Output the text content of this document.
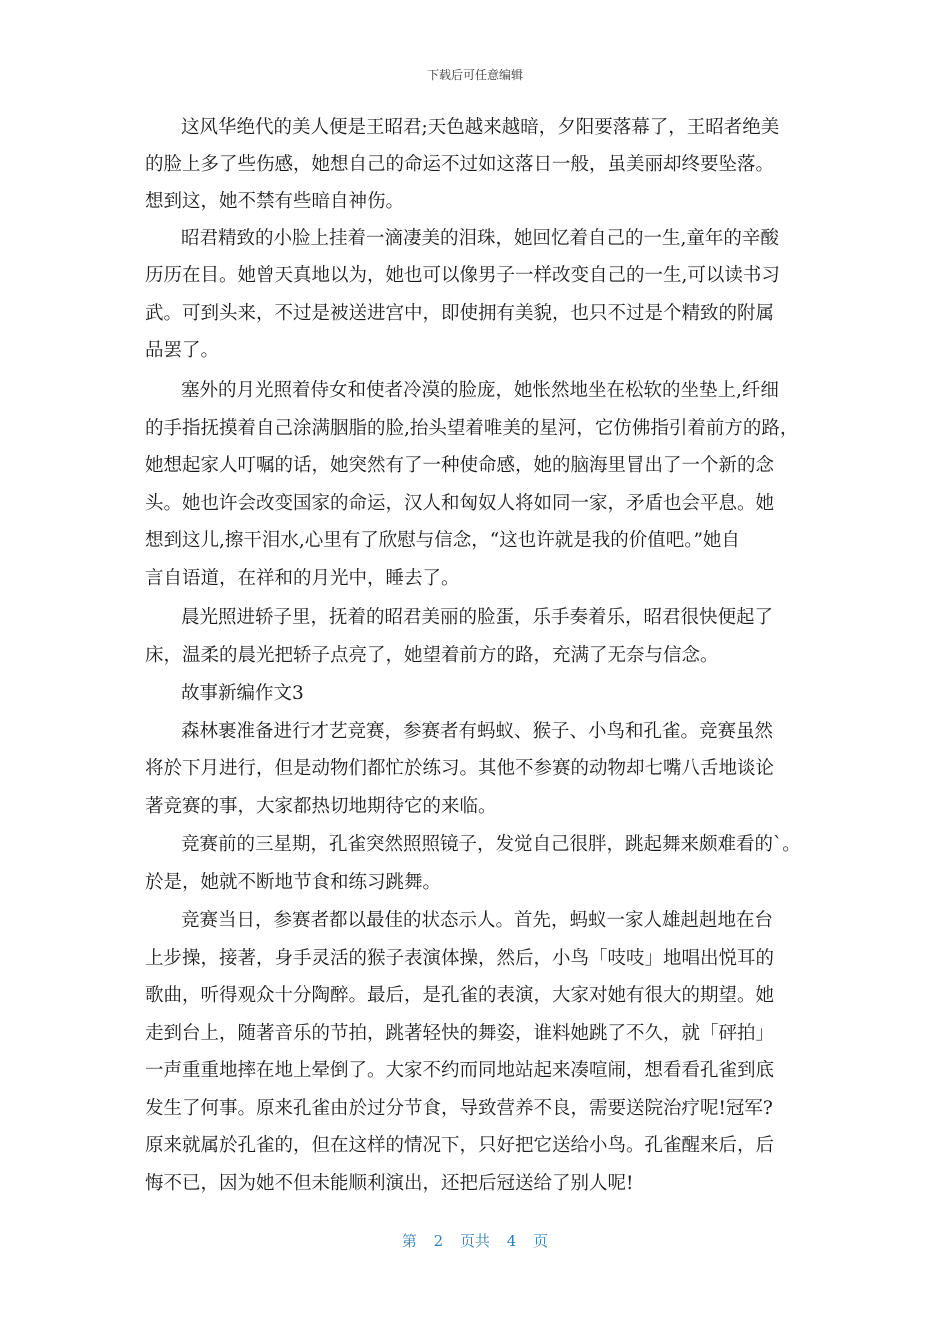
下载后可任意编辑
这风华绝代的美人便是王昭君;天色越来越暗，夕阳要落幕了，王昭者绝美
的脸上多了些伤感，她想自己的命运不过如这落日一般，虽美丽却终要坠落。
想到这，她不禁有些暗自神伤。
昭君精致的小脸上挂着一滴凄美的泪珠，她回忆着自己的一生,童年的辛酸
历历在目。她曾天真地以为，她也可以像男子一样改变自己的一生,可以读书习
武。可到头来，不过是被送进宫中，即使拥有美貌，也只不过是个精致的附属
品罢了。
塞外的月光照着侍女和使者冷漠的脸庞，她怅然地坐在松软的坐垫上,纤细
的手指抚摸着自己涂满胭脂的脸,抬头望着唯美的星河，它仿佛指引着前方的路，
她想起家人叮嘱的话，她突然有了一种使命感，她的脑海里冒出了一个新的念
头。她也许会改变国家的命运，汉人和匈奴人将如同一家，矛盾也会平息。她
想到这儿,擦干泪水,心里有了欣慰与信念，“这也许就是我的价值吧。”她自
言自语道，在祥和的月光中，睡去了。
晨光照进轿子里，抚着的昭君美丽的脸蛋，乐手奏着乐，昭君很快便起了
床，温柔的晨光把轿子点亮了，她望着前方的路，充满了无奈与信念。
故事新编作文3
森林裹准备进行才艺竞赛，参赛者有蚂蚁、猴子、小鸟和孔雀。竞赛虽然
将於下月进行，但是动物们都忙於练习。其他不参赛的动物却七嘴八舌地谈论
著竞赛的事，大家都热切地期待它的来临。
竞赛前的三星期，孔雀突然照照镜子，发觉自己很胖，跳起舞来颇难看的`。
於是，她就不断地节食和练习跳舞。
竞赛当日，参赛者都以最佳的状态示人。首先，蚂蚁一家人雄赳赳地在台
上步操，接著，身手灵活的猴子表演体操，然后，小鸟「吱吱」地唱出悦耳的
歌曲，听得观众十分陶醉。最后，是孔雀的表演，大家对她有很大的期望。她
走到台上，随著音乐的节拍，跳著轻快的舞姿，谁料她跳了不久，就「砰拍」
一声重重地摔在地上晕倒了。大家不约而同地站起来凑喧闹，想看看孔雀到底
发生了何事。原来孔雀由於过分节食，导致营养不良，需要送院治疗呢!冠军?
原来就属於孔雀的，但在这样的情况下，只好把它送给小鸟。孔雀醒来后，后
悔不已，因为她不但未能顺利演出，还把后冠送给了别人呢!
第 2 页共 4 页
